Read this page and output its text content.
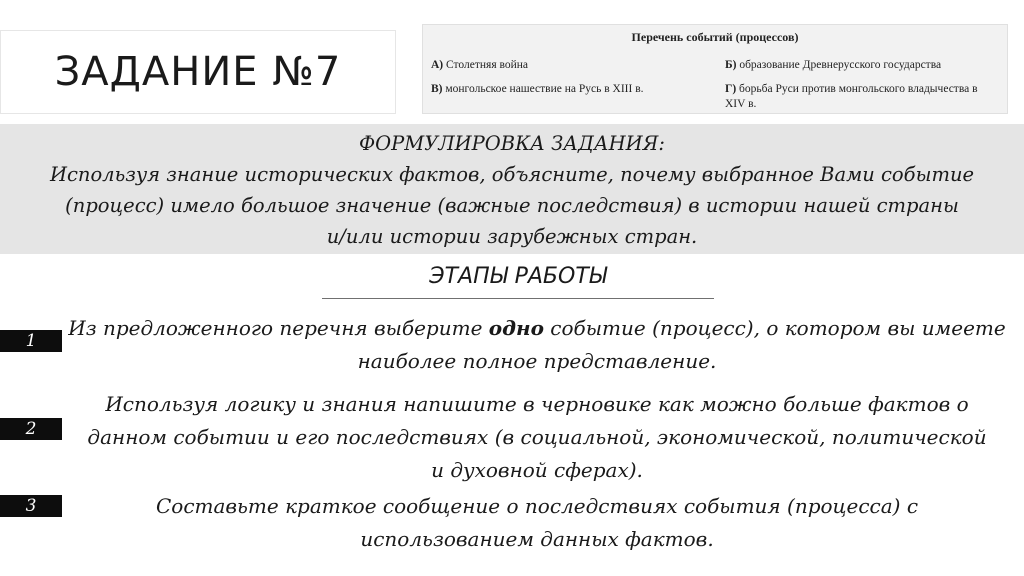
ЗАДАНИЕ №7
Перечень событий (процессов)
А) Столетняя война	Б) образование Древнерусского государства
В) монгольское нашествие на Русь в XIII в.	Г) борьба Руси против монгольского владычества в XIV в.

ФОРМУЛИРОВКА ЗАДАНИЯ:

Используя знание исторических фактов, объясните, почему выбранное Вами событие

(процесс) имело большое значение (важные последствия) в истории нашей страны

и/или истории зарубежных стран.

ЭТАПЫ РАБОТЫ
1
Из предложенного перечня выберите одно событие (процесс), о котором вы имеете наиболее полное представление.
2
Используя логику и знания напишите в черновике как можно больше фактов о данном событии и его последствиях (в социальной, экономической, политической и духовной сферах).
3	Составьте краткое сообщение о последствиях события (процесса) с использованием данных фактов.
